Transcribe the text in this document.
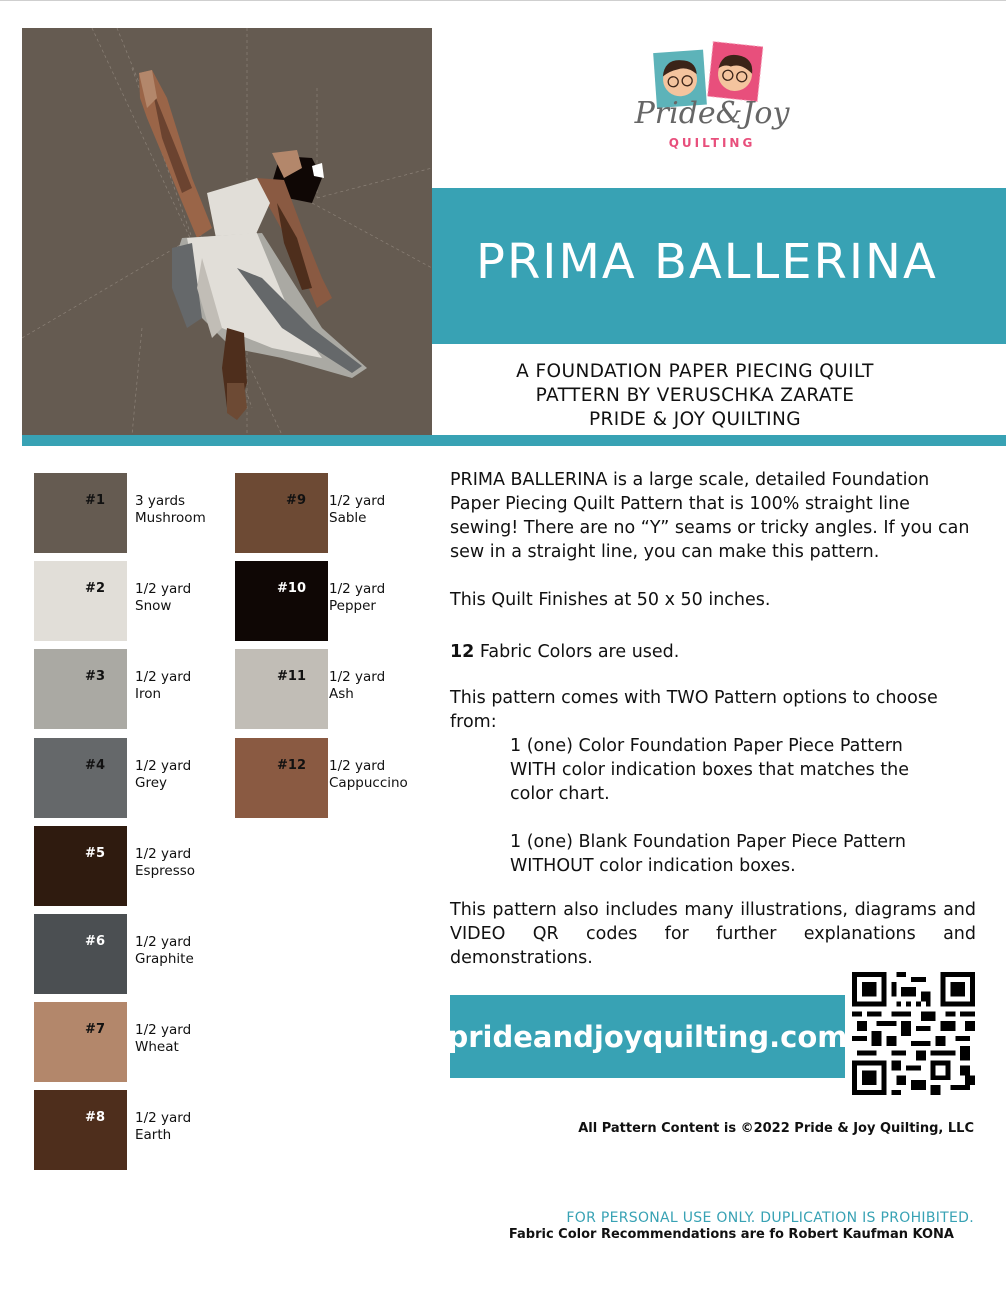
Pride&Joy
QUILTING
PRIMA BALLERINA
A FOUNDATION PAPER PIECING QUILT
PATTERN BY VERUSCHKA ZARATE
PRIDE & JOY QUILTING
#1 3 yards
Mushroom
#2 1/2 yard
Snow
#3 1/2 yard
Iron
#4 1/2 yard
Grey
#5 1/2 yard
Espresso
#6 1/2 yard
Graphite
#7 1/2 yard
Wheat
#8 1/2 yard
Earth
#9 1/2 yard
Sable
#10 1/2 yard
Pepper
#11 1/2 yard
Ash
#12 1/2 yard
Cappuccino

PRIMA BALLERINA is a large scale, detailed Foundation Paper Piecing Quilt Pattern that is 100% straight line sewing! There are no “Y” seams or tricky angles. If you can sew in a straight line, you can make this pattern.

This Quilt Finishes at 50 x 50 inches.

12 Fabric Colors are used.

This pattern comes with TWO Pattern options to choose from:

1 (one) Color Foundation Paper Piece Pattern WITH color indication boxes that matches the color chart.

1 (one) Blank Foundation Paper Piece Pattern WITHOUT color indication boxes.

This pattern also includes many illustrations, diagrams and VIDEO QR codes for further explanations and demonstrations.

prideandjoyquilting.com
All Pattern Content is ©2022 Pride & Joy Quilting, LLC
FOR PERSONAL USE ONLY. DUPLICATION IS PROHIBITED.
Fabric Color Recommendations are fo Robert Kaufman KONA
